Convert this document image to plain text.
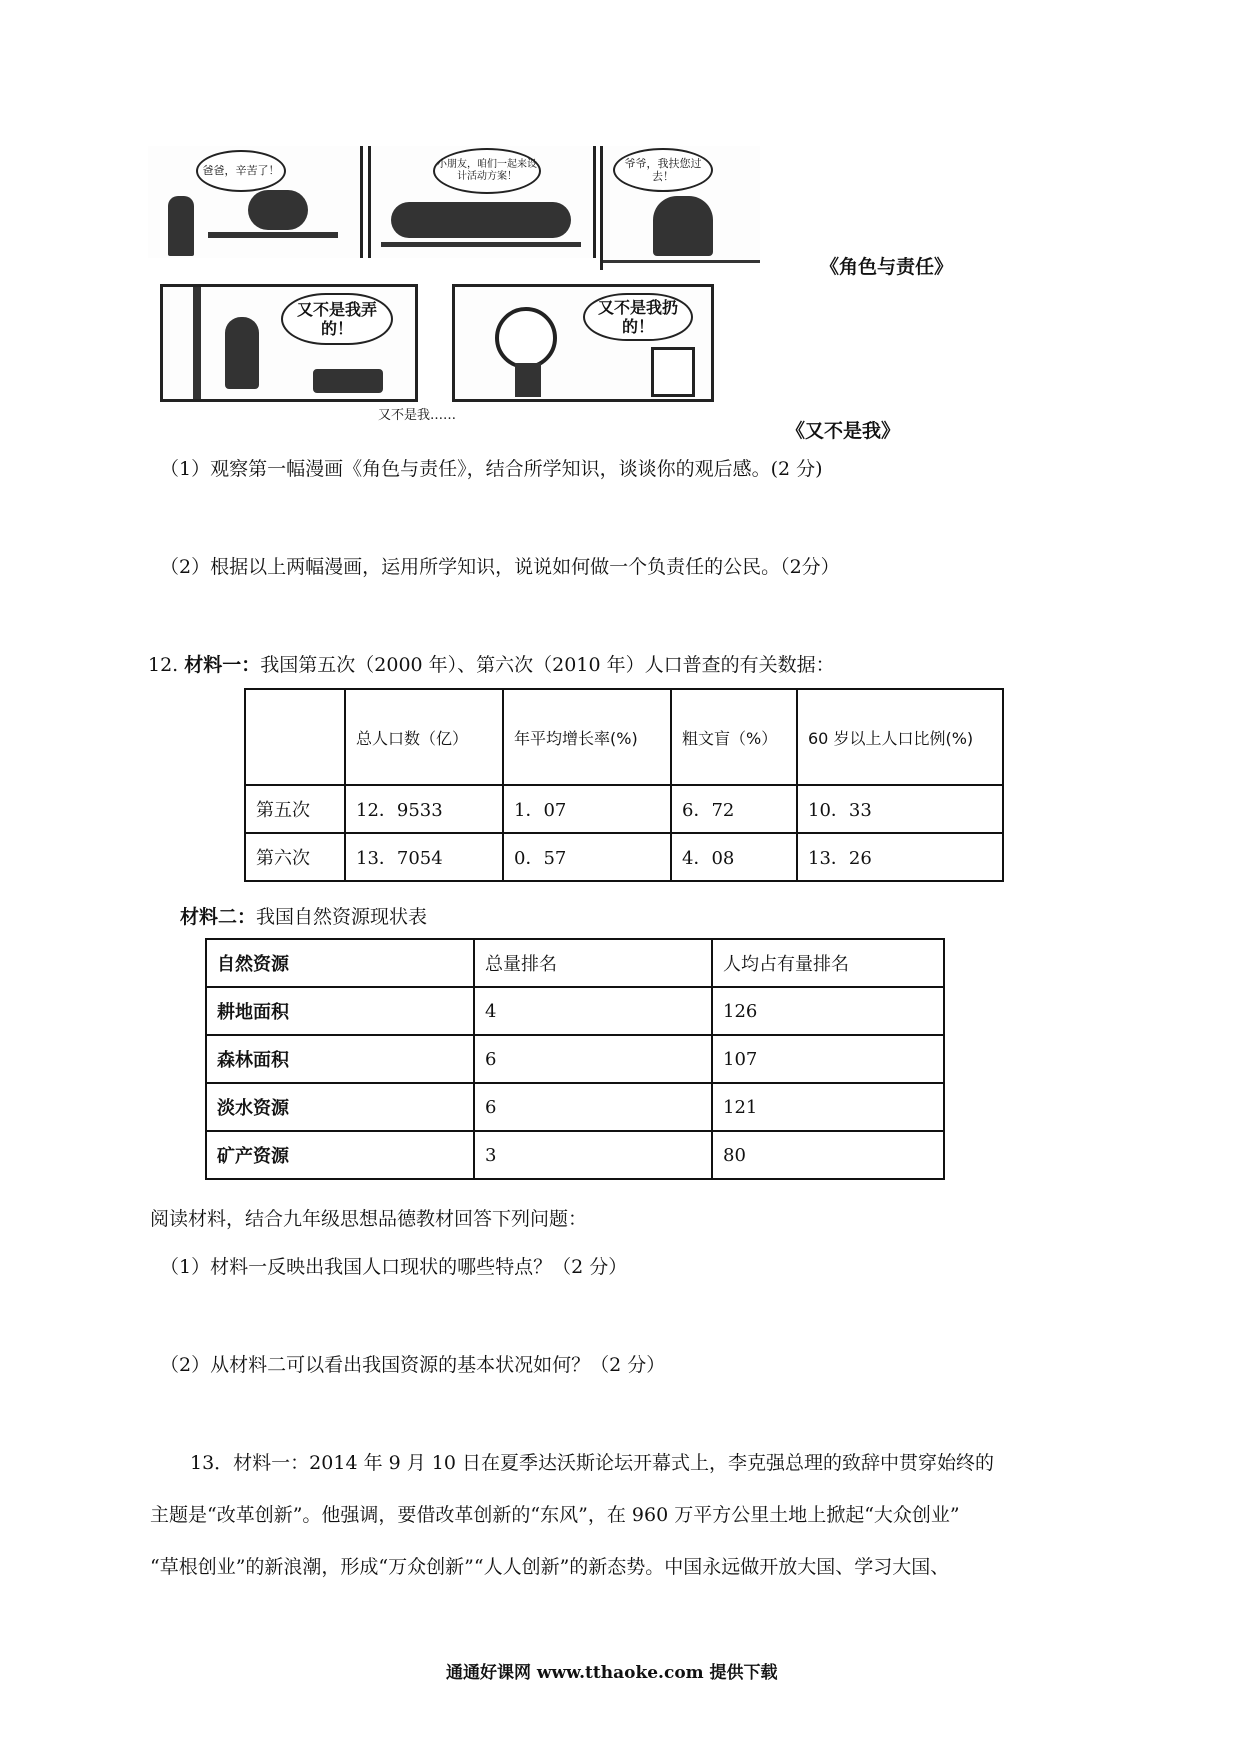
爸爸，辛苦了！	小朋友，咱们一起来设计活动方案！
爷爷，我扶您过去！
《角色与责任》
又不是我弄的！
又不是我扔的！
又不是我……
《又不是我》
（1）观察第一幅漫画《角色与责任》，结合所学知识，谈谈你的观后感。(2 分)
（2）根据以上两幅漫画，运用所学知识，说说如何做一个负责任的公民。（2分）
12. 材料一：我国第五次（2000 年）、第六次（2010 年）人口普查的有关数据：
	总人口数（亿）	年平均增长率(%)	粗文盲（%）	60 岁以上人口比例(%)
第五次	12．9533	1．07	6．72	10．33
第六次	13．7054	0．57	4．08	13．26
材料二：我国自然资源现状表
自然资源	总量排名	人均占有量排名
耕地面积	4	126
森林面积	6	107
淡水资源	6	121
矿产资源	3	80
阅读材料，结合九年级思想品德教材回答下列问题：
（1）材料一反映出我国人口现状的哪些特点？（2 分）
（2）从材料二可以看出我国资源的基本状况如何？（2 分）
13．材料一：2014 年 9 月 10 日在夏季达沃斯论坛开幕式上，李克强总理的致辞中贯穿始终的
主题是“改革创新”。他强调，要借改革创新的“东风”，在 960 万平方公里土地上掀起“大众创业”
“草根创业”的新浪潮，形成“万众创新”“人人创新”的新态势。中国永远做开放大国、学习大国、
通通好课网 www.tthaoke.com 提供下载
